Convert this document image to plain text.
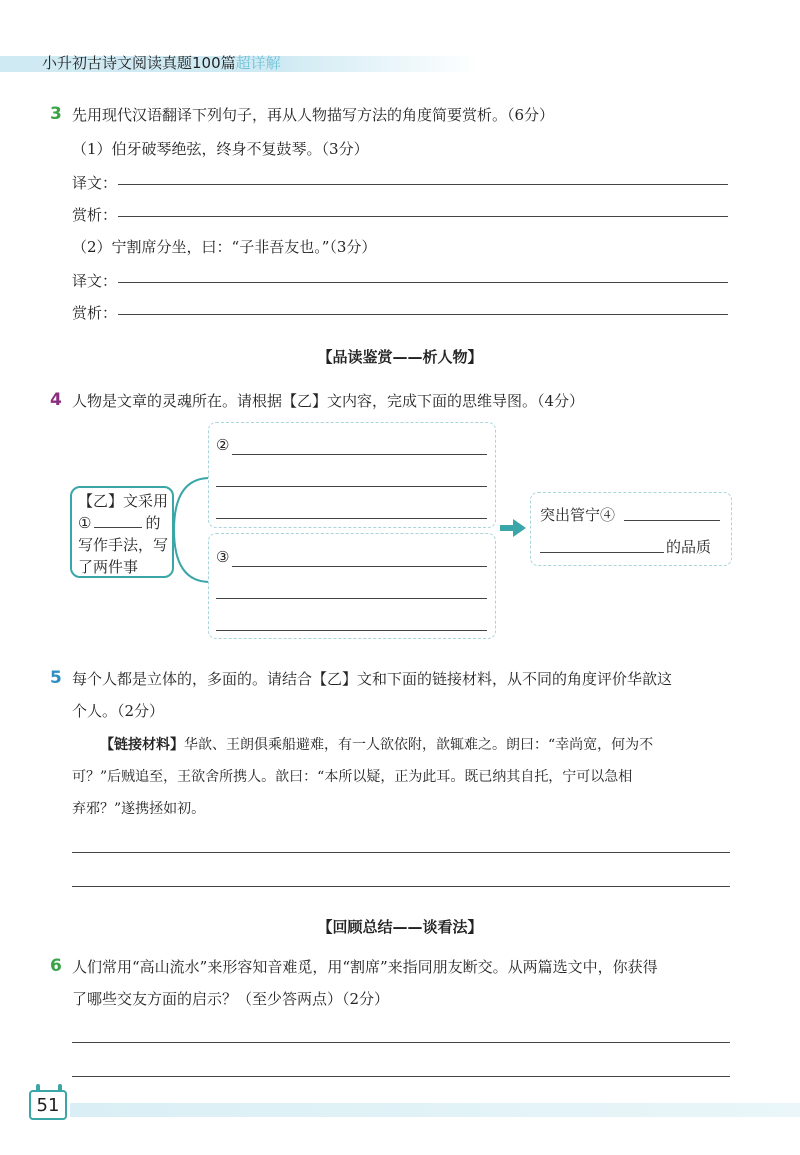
小升初古诗文阅读真题100篇超详解
3 先用现代汉语翻译下列句子，再从人物描写方法的角度简要赏析。（6分）
（1）伯牙破琴绝弦，终身不复鼓琴。（3分）
译文：
赏析：
（2）宁割席分坐，曰：“子非吾友也。”（3分）
译文：
赏析：
【品读鉴赏——析人物】
4 人物是文章的灵魂所在。请根据【乙】文内容，完成下面的思维导图。（4分）
【乙】文采用
①	的
写作手法，写
了两件事
②
③
突出管宁④
的品质
5 每个人都是立体的，多面的。请结合【乙】文和下面的链接材料，从不同的角度评价华歆这
个人。（2分）
【链接材料】华歆、王朗俱乘船避难，有一人欲依附，歆辄难之。朗曰：“幸尚宽，何为不
可？”后贼追至，王欲舍所携人。歆曰：“本所以疑，正为此耳。既已纳其自托，宁可以急相
弃邪？”遂携拯如初。
【回顾总结——谈看法】
6 人们常用“高山流水”来形容知音难觅，用“割席”来指同朋友断交。从两篇选文中，你获得
了哪些交友方面的启示？（至少答两点）（2分）
51
